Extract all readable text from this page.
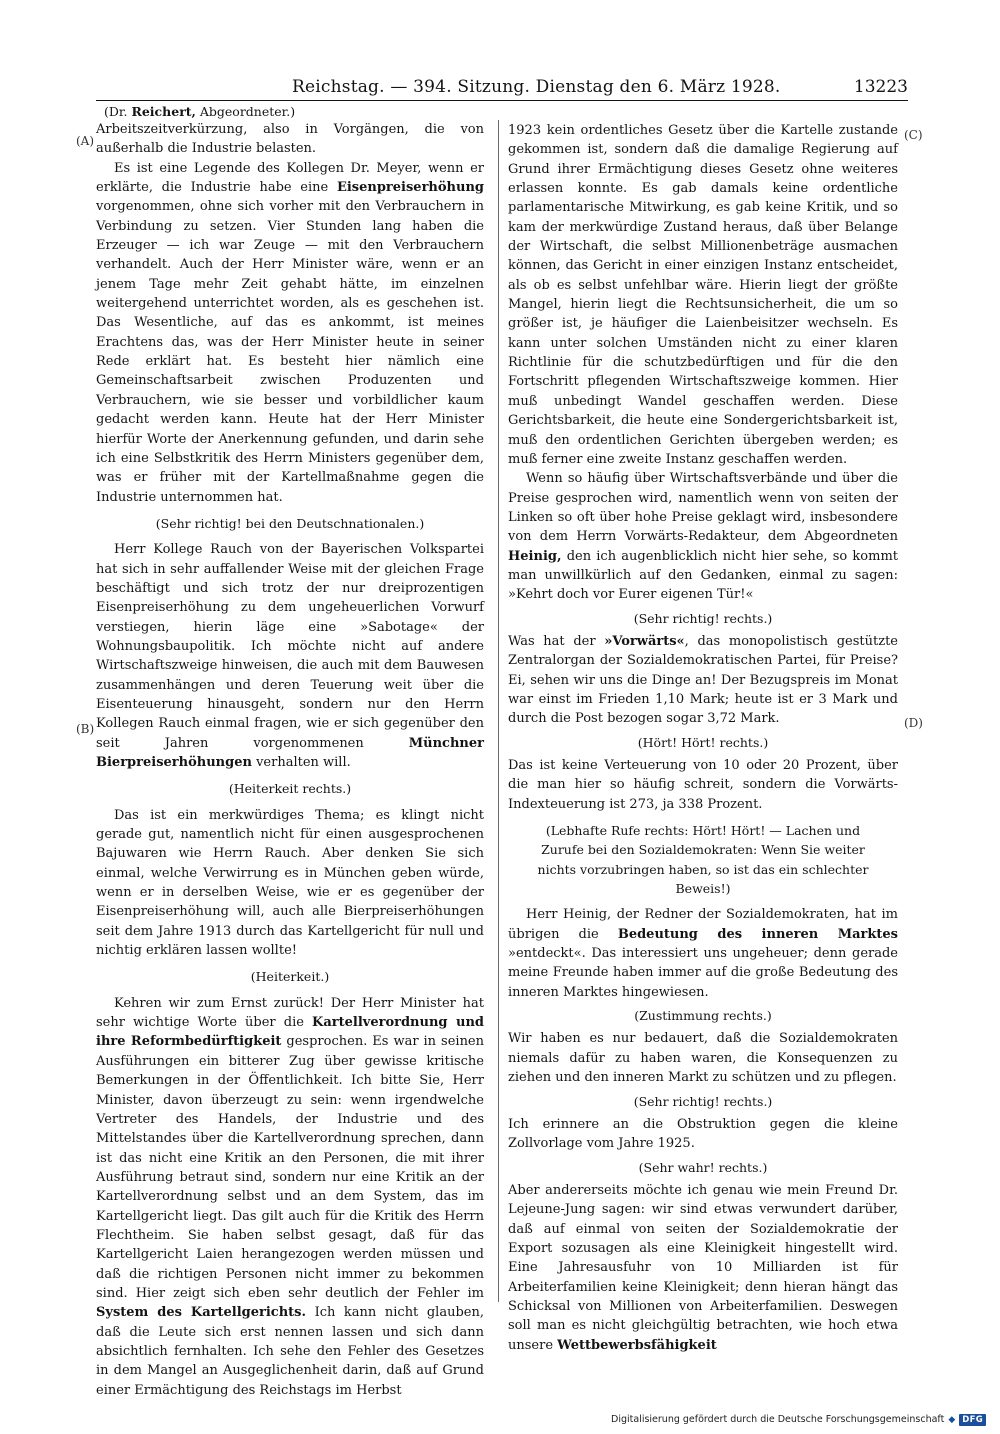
Reichstag. — 394. Sitzung. Dienstag den 6. März 1928.	13223
(Dr. Reichert, Abgeordneter.)
(A)
(B)
(C)
(D)

Arbeitszeitverkürzung, also in Vorgängen, die von außerhalb die Industrie belasten.

Es ist eine Legende des Kollegen Dr. Meyer, wenn er erklärte, die Industrie habe eine Eisenpreiserhöhung vorgenommen, ohne sich vorher mit den Verbrauchern in Verbindung zu setzen. Vier Stunden lang haben die Erzeuger — ich war Zeuge — mit den Verbrauchern verhandelt. Auch der Herr Minister wäre, wenn er an jenem Tage mehr Zeit gehabt hätte, im einzelnen weitergehend unterrichtet worden, als es geschehen ist. Das Wesentliche, auf das es ankommt, ist meines Erachtens das, was der Herr Minister heute in seiner Rede erklärt hat. Es besteht hier nämlich eine Gemeinschaftsarbeit zwischen Produzenten und Verbrauchern, wie sie besser und vorbildlicher kaum gedacht werden kann. Heute hat der Herr Minister hierfür Worte der Anerkennung gefunden, und darin sehe ich eine Selbstkritik des Herrn Ministers gegenüber dem, was er früher mit der Kartellmaßnahme gegen die Industrie unternommen hat.

(Sehr richtig! bei den Deutschnationalen.)

Herr Kollege Rauch von der Bayerischen Volkspartei hat sich in sehr auffallender Weise mit der gleichen Frage beschäftigt und sich trotz der nur dreiprozentigen Eisenpreiserhöhung zu dem ungeheuerlichen Vorwurf verstiegen, hierin läge eine »Sabotage« der Wohnungsbaupolitik. Ich möchte nicht auf andere Wirtschaftszweige hinweisen, die auch mit dem Bauwesen zusammenhängen und deren Teuerung weit über die Eisenteuerung hinausgeht, sondern nur den Herrn Kollegen Rauch einmal fragen, wie er sich gegenüber den seit Jahren vorgenommenen Münchner Bierpreiserhöhungen verhalten will.

(Heiterkeit rechts.)

Das ist ein merkwürdiges Thema; es klingt nicht gerade gut, namentlich nicht für einen ausgesprochenen Bajuwaren wie Herrn Rauch. Aber denken Sie sich einmal, welche Verwirrung es in München geben würde, wenn er in derselben Weise, wie er es gegenüber der Eisenpreiserhöhung will, auch alle Bierpreiserhöhungen seit dem Jahre 1913 durch das Kartellgericht für null und nichtig erklären lassen wollte!

(Heiterkeit.)

Kehren wir zum Ernst zurück! Der Herr Minister hat sehr wichtige Worte über die Kartellverordnung und ihre Reformbedürftigkeit gesprochen. Es war in seinen Ausführungen ein bitterer Zug über gewisse kritische Bemerkungen in der Öffentlichkeit. Ich bitte Sie, Herr Minister, davon überzeugt zu sein: wenn irgendwelche Vertreter des Handels, der Industrie und des Mittelstandes über die Kartellverordnung sprechen, dann ist das nicht eine Kritik an den Personen, die mit ihrer Ausführung betraut sind, sondern nur eine Kritik an der Kartellverordnung selbst und an dem System, das im Kartellgericht liegt. Das gilt auch für die Kritik des Herrn Flechtheim. Sie haben selbst gesagt, daß für das Kartellgericht Laien herangezogen werden müssen und daß die richtigen Personen nicht immer zu bekommen sind. Hier zeigt sich eben sehr deutlich der Fehler im System des Kartellgerichts. Ich kann nicht glauben, daß die Leute sich erst nennen lassen und sich dann absichtlich fernhalten. Ich sehe den Fehler des Gesetzes in dem Mangel an Ausgeglichenheit darin, daß auf Grund einer Ermächtigung des Reichstags im Herbst

1923 kein ordentliches Gesetz über die Kartelle zustande gekommen ist, sondern daß die damalige Regierung auf Grund ihrer Ermächtigung dieses Gesetz ohne weiteres erlassen konnte. Es gab damals keine ordentliche parlamentarische Mitwirkung, es gab keine Kritik, und so kam der merkwürdige Zustand heraus, daß über Belange der Wirtschaft, die selbst Millionenbeträge ausmachen können, das Gericht in einer einzigen Instanz entscheidet, als ob es selbst unfehlbar wäre. Hierin liegt der größte Mangel, hierin liegt die Rechtsunsicherheit, die um so größer ist, je häufiger die Laienbeisitzer wechseln. Es kann unter solchen Umständen nicht zu einer klaren Richtlinie für die schutzbedürftigen und für die den Fortschritt pflegenden Wirtschaftszweige kommen. Hier muß unbedingt Wandel geschaffen werden. Diese Gerichtsbarkeit, die heute eine Sondergerichtsbarkeit ist, muß den ordentlichen Gerichten übergeben werden; es muß ferner eine zweite Instanz geschaffen werden.

Wenn so häufig über Wirtschaftsverbände und über die Preise gesprochen wird, namentlich wenn von seiten der Linken so oft über hohe Preise geklagt wird, insbesondere von dem Herrn Vorwärts-Redakteur, dem Abgeordneten Heinig, den ich augenblicklich nicht hier sehe, so kommt man unwillkürlich auf den Gedanken, einmal zu sagen: »Kehrt doch vor Eurer eigenen Tür!«

(Sehr richtig! rechts.)

Was hat der »Vorwärts«, das monopolistisch gestützte Zentralorgan der Sozialdemokratischen Partei, für Preise? Ei, sehen wir uns die Dinge an! Der Bezugspreis im Monat war einst im Frieden 1,10 Mark; heute ist er 3 Mark und durch die Post bezogen sogar 3,72 Mark.

(Hört! Hört! rechts.)

Das ist keine Verteuerung von 10 oder 20 Prozent, über die man hier so häufig schreit, sondern die Vorwärts-Indexteuerung ist 273, ja 338 Prozent.

(Lebhafte Rufe rechts: Hört! Hört! — Lachen und Zurufe bei den Sozialdemokraten: Wenn Sie weiter nichts vorzubringen haben, so ist das ein schlechter Beweis!)

Herr Heinig, der Redner der Sozialdemokraten, hat im übrigen die Bedeutung des inneren Marktes »entdeckt«. Das interessiert uns ungeheuer; denn gerade meine Freunde haben immer auf die große Bedeutung des inneren Marktes hingewiesen.

(Zustimmung rechts.)

Wir haben es nur bedauert, daß die Sozialdemokraten niemals dafür zu haben waren, die Konsequenzen zu ziehen und den inneren Markt zu schützen und zu pflegen.

(Sehr richtig! rechts.)

Ich erinnere an die Obstruktion gegen die kleine Zollvorlage vom Jahre 1925.

(Sehr wahr! rechts.)

Aber andererseits möchte ich genau wie mein Freund Dr. Lejeune-Jung sagen: wir sind etwas verwundert darüber, daß auf einmal von seiten der Sozialdemokratie der Export sozusagen als eine Kleinigkeit hingestellt wird. Eine Jahresausfuhr von 10 Milliarden ist für Arbeiterfamilien keine Kleinigkeit; denn hieran hängt das Schicksal von Millionen von Arbeiterfamilien. Deswegen soll man es nicht gleichgültig betrachten, wie hoch etwa unsere Wettbewerbsfähigkeit

Digitalisierung gefördert durch die Deutsche Forschungsgemeinschaft ◆ DFG
